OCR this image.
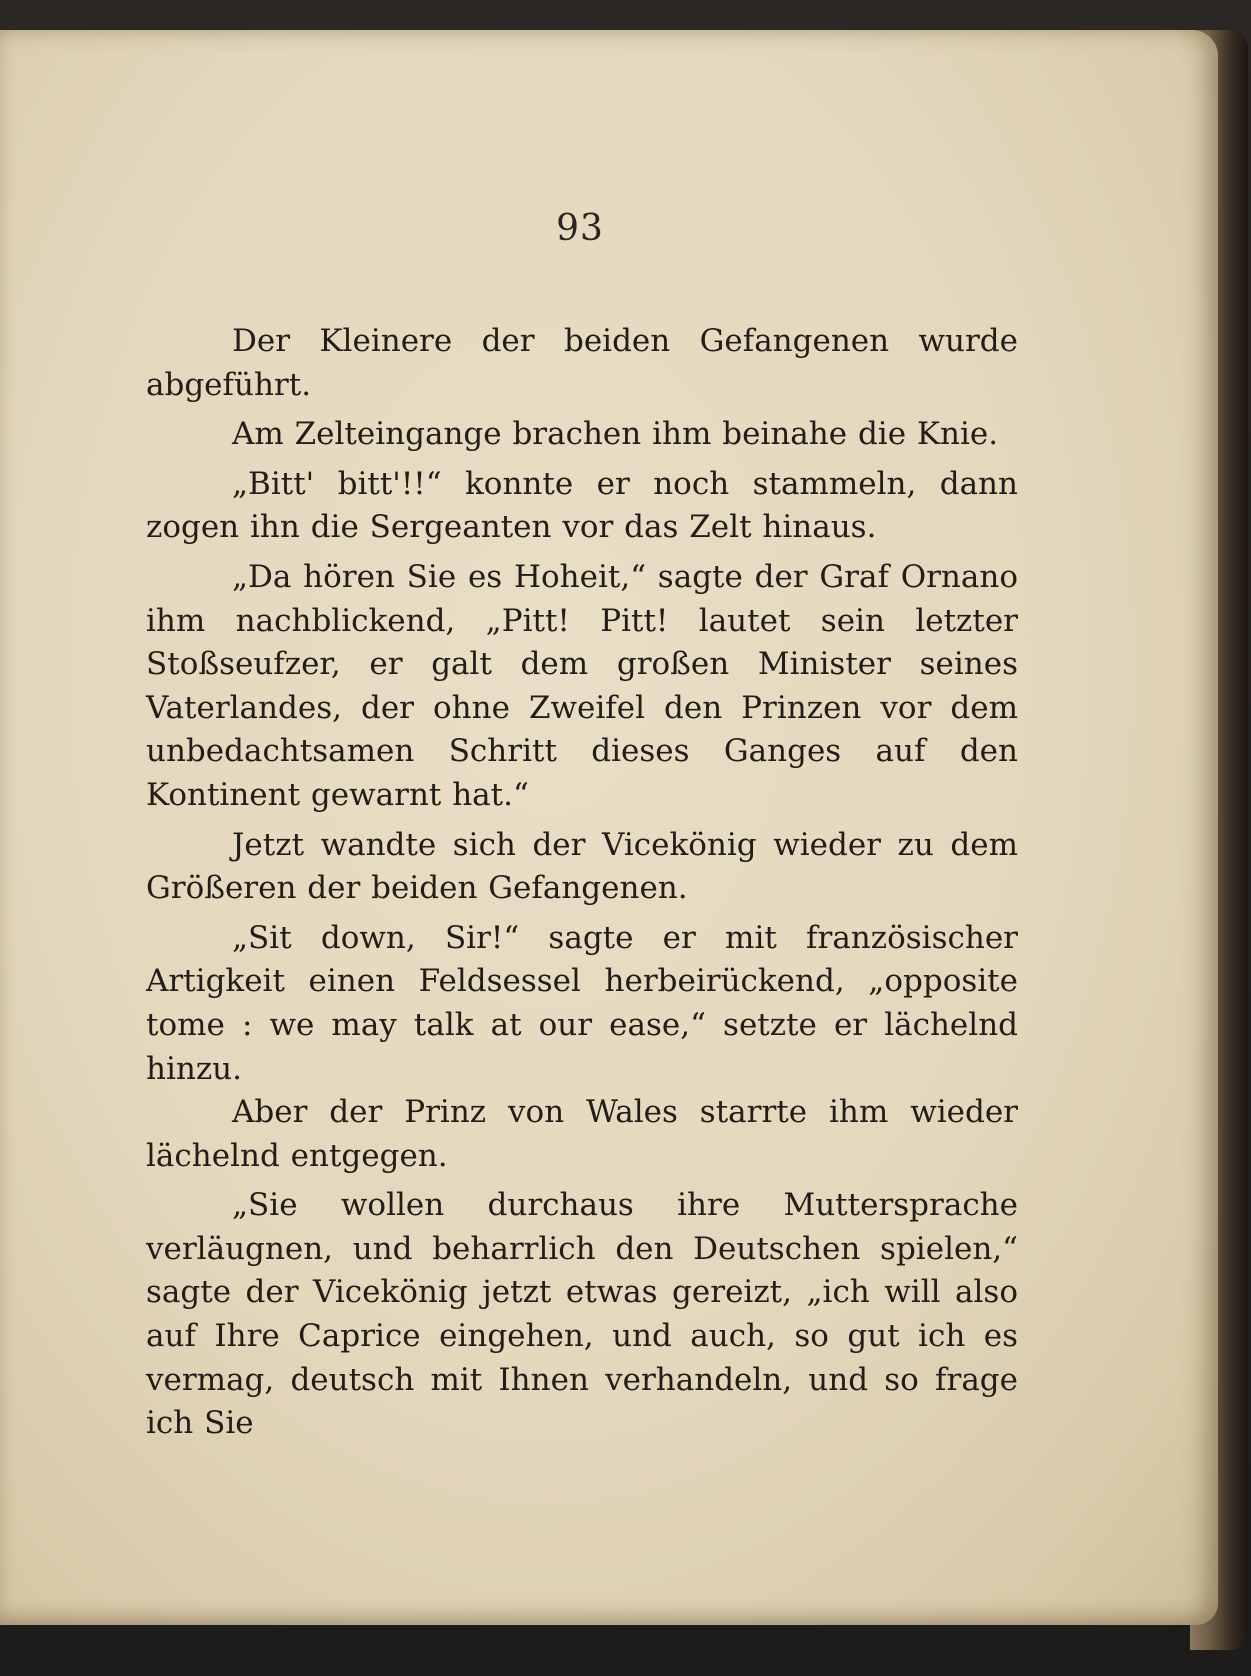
93

Der Kleinere der beiden Gefangenen wurde abgeführt.

Am Zelteingange brachen ihm beinahe die Knie.

„Bitt' bitt'!!“ konnte er noch stammeln, dann zogen ihn die Sergeanten vor das Zelt hinaus.

„Da hören Sie es Hoheit,“ sagte der Graf Ornano ihm nachblickend, „Pitt! Pitt! lautet sein letzter Stoßseufzer, er galt dem großen Minister seines Vaterlandes, der ohne Zweifel den Prinzen vor dem unbedachtsamen Schritt dieses Ganges auf den Kontinent gewarnt hat.“

Jetzt wandte sich der Vicekönig wieder zu dem Größeren der beiden Gefangenen.

„Sit down, Sir!“ sagte er mit französischer Artigkeit einen Feldsessel herbeirückend, „opposite tome : we may talk at our ease,“ setzte er lächelnd hinzu.

Aber der Prinz von Wales starrte ihm wieder lächelnd entgegen.

„Sie wollen durchaus ihre Muttersprache verläugnen, und beharrlich den Deutschen spielen,“ sagte der Vicekönig jetzt etwas gereizt, „ich will also auf Ihre Caprice eingehen, und auch, so gut ich es vermag, deutsch mit Ihnen verhandeln, und so frage ich Sie
